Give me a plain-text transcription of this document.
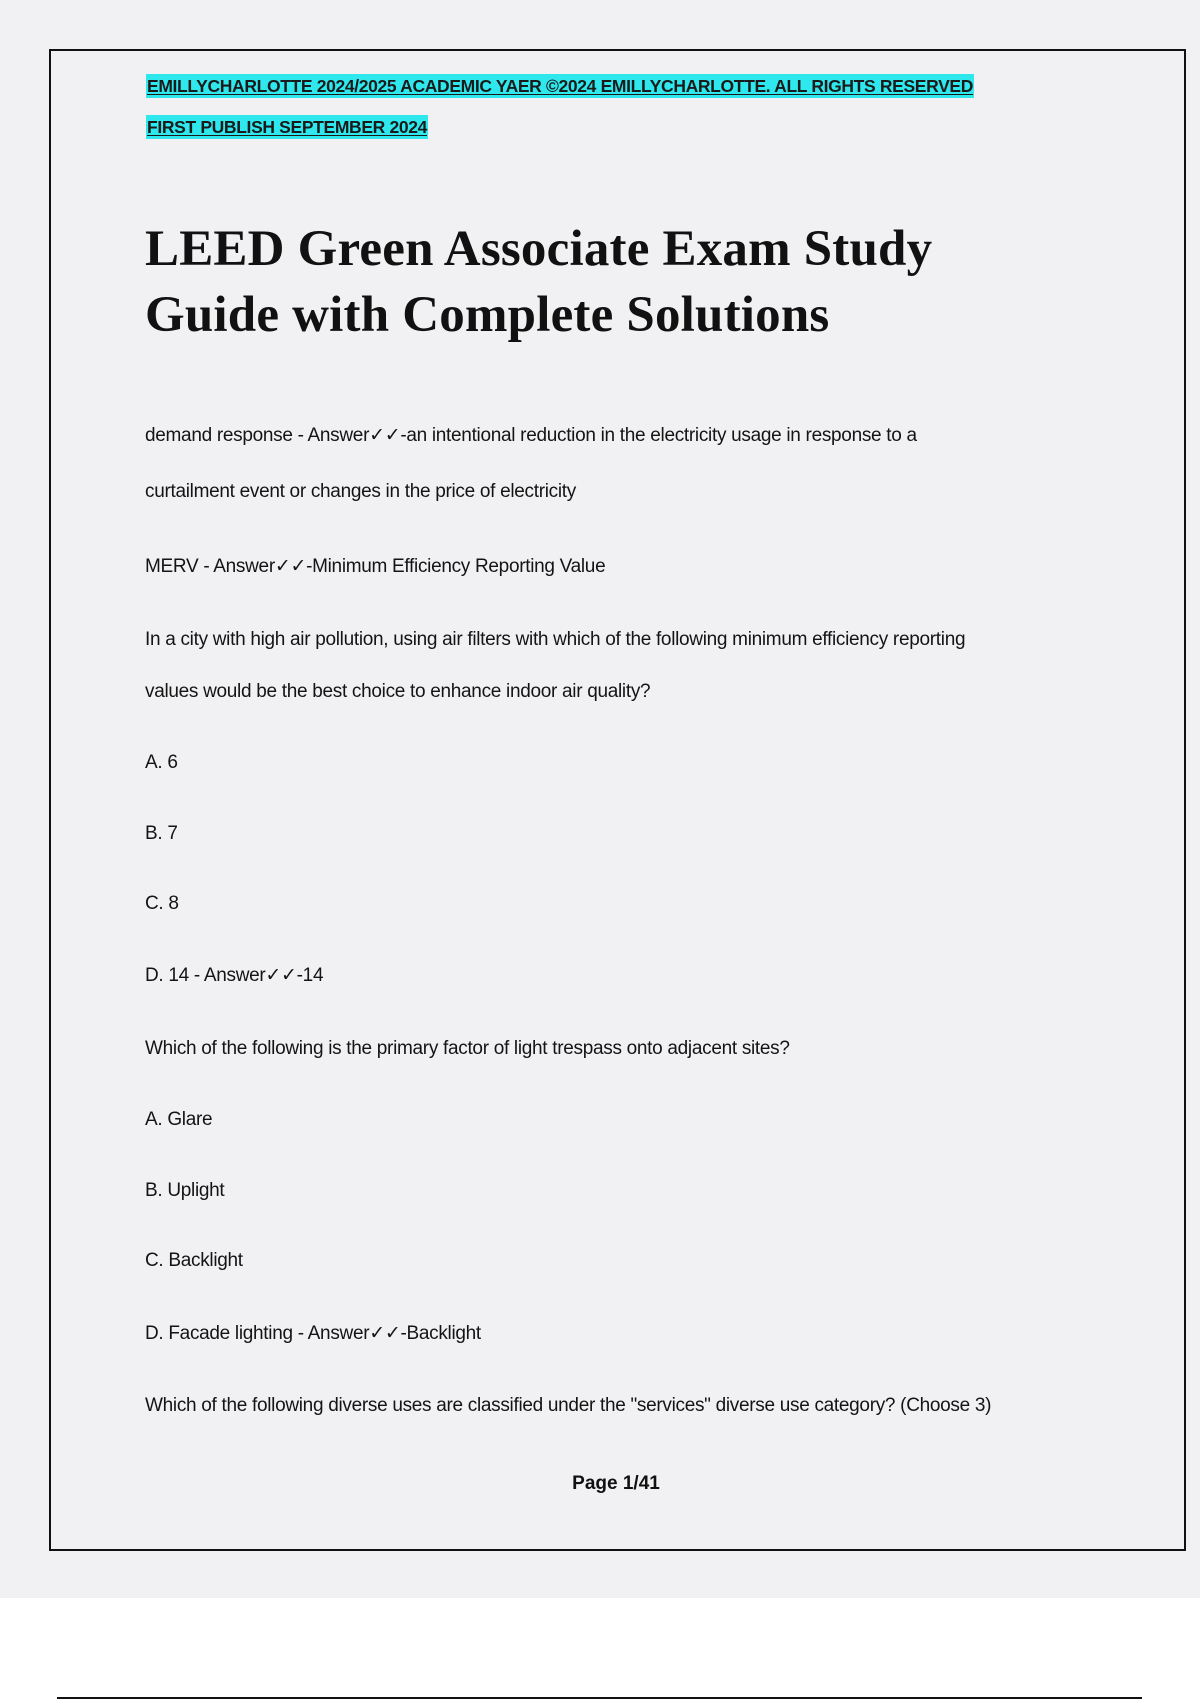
EMILLYCHARLOTTE 2024/2025 ACADEMIC YAER ©2024 EMILLYCHARLOTTE. ALL RIGHTS RESERVED
FIRST PUBLISH SEPTEMBER 2024
LEED Green Associate Exam Study
Guide with Complete Solutions

demand response - Answer✓✓-an intentional reduction in the electricity usage in response to a

curtailment event or changes in the price of electricity

MERV - Answer✓✓-Minimum Efficiency Reporting Value

In a city with high air pollution, using air filters with which of the following minimum efficiency reporting

values would be the best choice to enhance indoor air quality?

A. 6

B. 7

C. 8

D. 14 - Answer✓✓-14

Which of the following is the primary factor of light trespass onto adjacent sites?

A. Glare

B. Uplight

C. Backlight

D. Facade lighting - Answer✓✓-Backlight

Which of the following diverse uses are classified under the "services" diverse use category? (Choose 3)

Page 1/41
